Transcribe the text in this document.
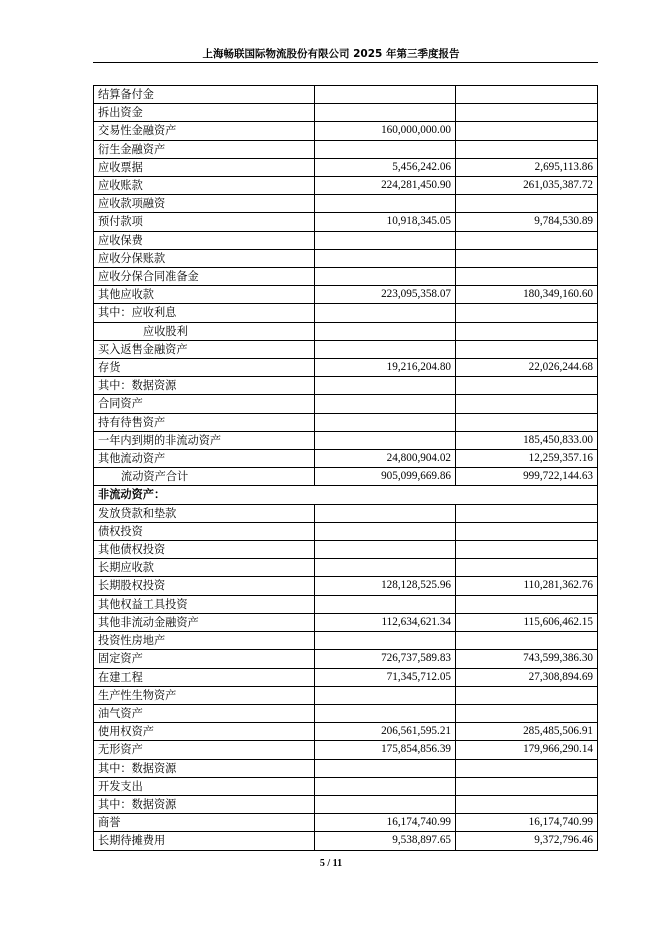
上海畅联国际物流股份有限公司 2025 年第三季度报告
结算备付金		
拆出资金		
交易性金融资产	160,000,000.00	
衍生金融资产		
应收票据	5,456,242.06	2,695,113.86
应收账款	224,281,450.90	261,035,387.72
应收款项融资		
预付款项	10,918,345.05	9,784,530.89
应收保费		
应收分保账款		
应收分保合同准备金		
其他应收款	223,095,358.07	180,349,160.60
其中：应收利息		
应收股利		
买入返售金融资产		
存货	19,216,204.80	22,026,244.68
其中：数据资源		
合同资产		
持有待售资产		
一年内到期的非流动资产		185,450,833.00
其他流动资产	24,800,904.02	12,259,357.16
流动资产合计	905,099,669.86	999,722,144.63
非流动资产：		
发放贷款和垫款		
债权投资		
其他债权投资		
长期应收款		
长期股权投资	128,128,525.96	110,281,362.76
其他权益工具投资		
其他非流动金融资产	112,634,621.34	115,606,462.15
投资性房地产		
固定资产	726,737,589.83	743,599,386.30
在建工程	71,345,712.05	27,308,894.69
生产性生物资产		
油气资产		
使用权资产	206,561,595.21	285,485,506.91
无形资产	175,854,856.39	179,966,290.14
其中：数据资源		
开发支出		
其中：数据资源		
商誉	16,174,740.99	16,174,740.99
长期待摊费用	9,538,897.65	9,372,796.46
5 / 11
